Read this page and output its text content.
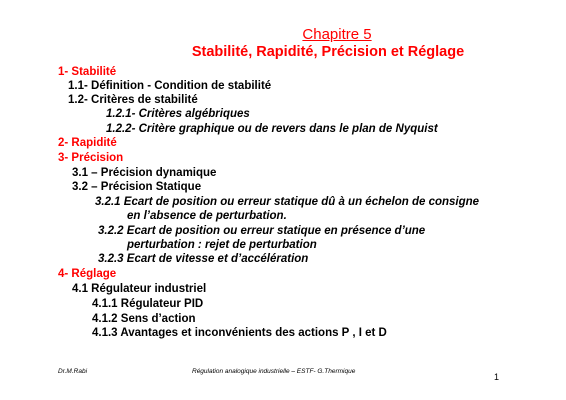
Chapitre 5
Stabilité, Rapidité, Précision et Réglage
1- Stabilité
1.1- Définition - Condition de stabilité
1.2- Critères de stabilité
1.2.1- Critères algébriques
1.2.2- Critère graphique ou de revers dans le plan de Nyquist
2- Rapidité
3- Précision
3.1 – Précision dynamique
3.2 – Précision Statique
3.2.1 Ecart de position ou erreur statique dû à un échelon de consigne
en l’absence de perturbation.
3.2.2 Ecart de position ou erreur statique en présence d’une
perturbation : rejet de perturbation
3.2.3 Ecart de vitesse et d’accélération
4- Réglage
4.1 Régulateur industriel
4.1.1 Régulateur PID
4.1.2 Sens d’action
4.1.3 Avantages et inconvénients des actions P , I et D
Dr.M.Rabi	Régulation analogique industrielle – ESTF- G.Thermique
1
